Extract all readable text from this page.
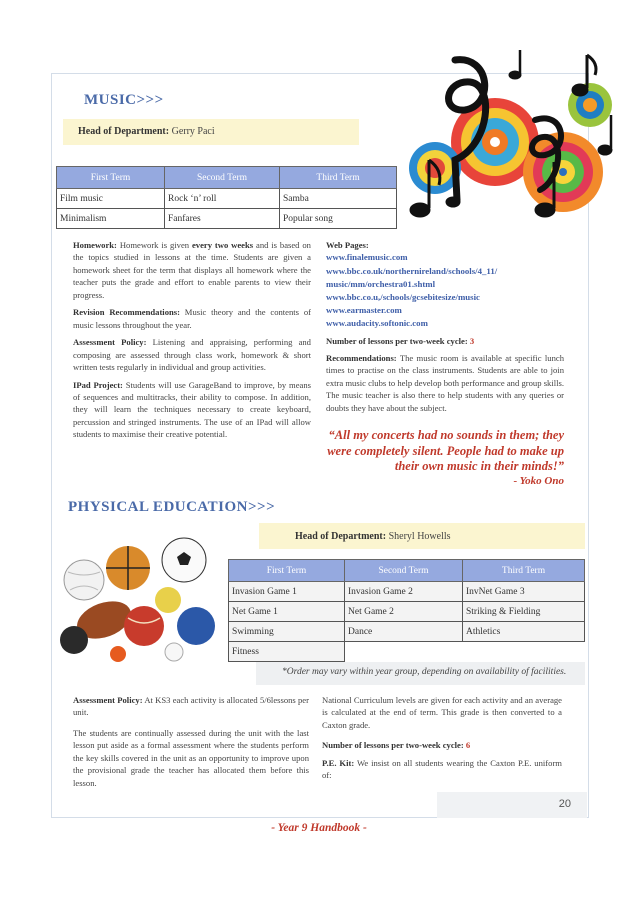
MUSIC>>>
Head of Department: Gerry Paci
First Term	Second Term	Third Term
Film music	Rock ‘n’ roll	Samba
Minimalism	Fanfares	Popular song

Homework: Homework is given every two weeks and is based on the topics studied in lessons at the time. Students are given a homework sheet for the term that displays all homework where the teacher puts the grade and effort to enable parents to view their progress.

Revision Recommendations: Music theory and the contents of music lessons throughout the year.

Assessment Policy: Listening and appraising, performing and composing are assessed through class work, homework & short written tests regularly in individual and group activities.

IPad Project: Students will use GarageBand to improve, by means of sequences and multitracks, their ability to compose. In addition, they will learn the techniques necessary to create keyboard, percussion and stringed instruments. The use of an IPad will allow students to maximise their creative potential.

Web Pages:
www.finalemusic.com
www.bbc.co.uk/northernireland/schools/4_11/ music/mm/orchestra01.shtml
www.bbc.co.u,/schools/gcsebitesize/music
www.earmaster.com
www.audacity.softonic.com

Number of lessons per two-week cycle: 3

Recommendations: The music room is available at specific lunch times to practise on the class instruments. Students are able to join extra music clubs to help develop both performance and group skills. The music teacher is also there to help students with any queries or doubts they have about the subject.

“All my concerts had no sounds in them; they were completely silent. People had to make up their own music in their minds!”
- Yoko Ono
PHYSICAL EDUCATION>>>
Head of Department: Sheryl Howells
First Term	Second Term	Third Term
Invasion Game 1	Invasion Game 2	InvNet Game 3
Net Game 1	Net Game 2	Striking & Fielding
Swimming	Dance	Athletics
Fitness		
*Order may vary within year group, depending on availability of facilities.

Assessment Policy: At KS3 each activity is allocated 5/6lessons per unit.

The students are continually assessed during the unit with the last lesson put aside as a formal assessment where the students perform the key skills covered in the unit as an opportunity to improve upon the provisional grade the teacher has allocated them before this lesson.

National Curriculum levels are given for each activity and an average is calculated at the end of term. This grade is then converted to a Caxton grade.

Number of lessons per two-week cycle: 6

P.E. Kit: We insist on all students wearing the Caxton P.E. uniform of:

20
- Year 9 Handbook -
